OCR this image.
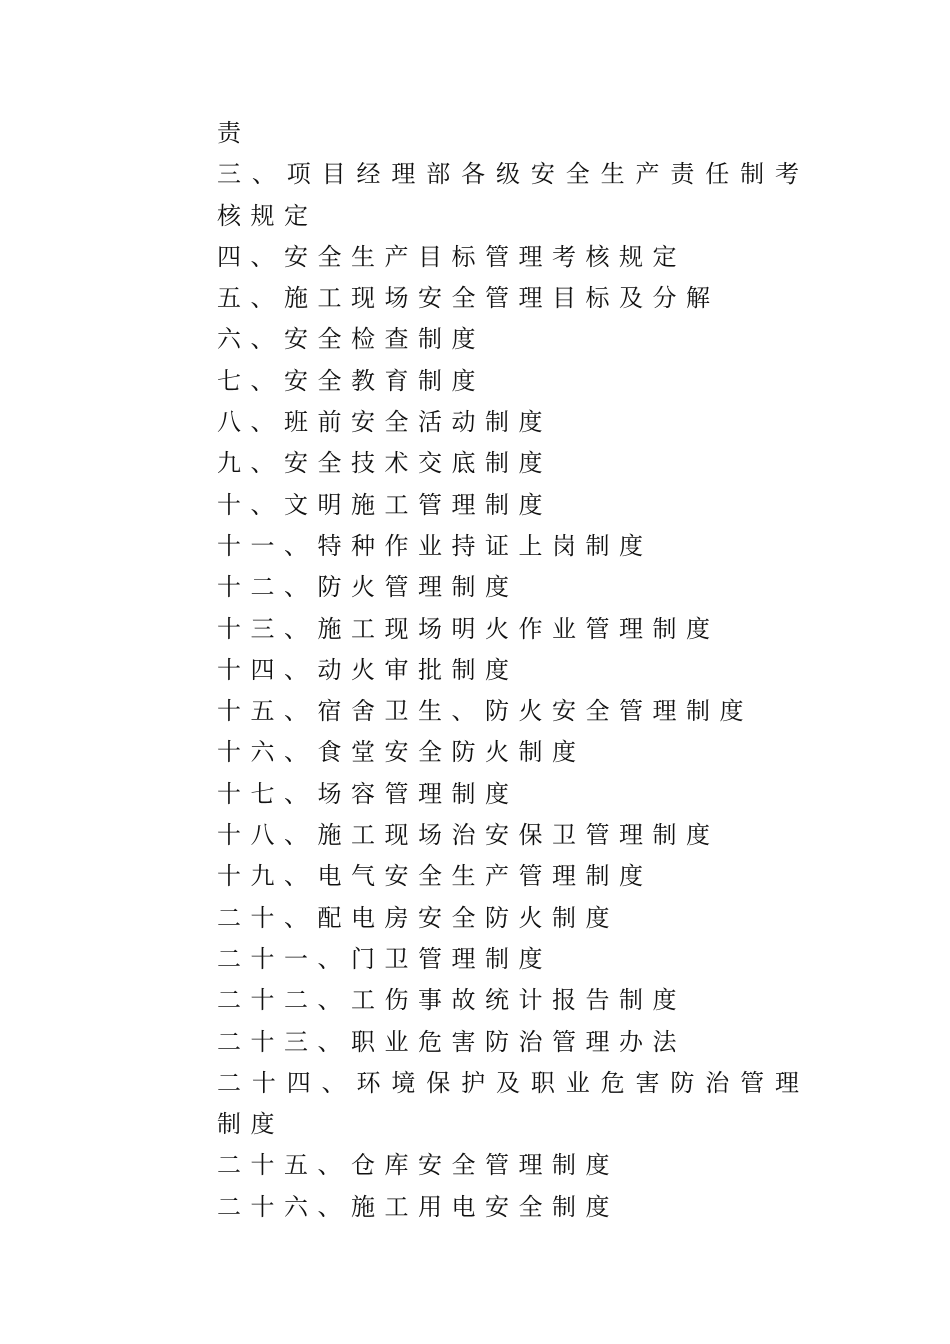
责
三、项目经理部各级安全生产责任制考
核规定
四、安全生产目标管理考核规定
五、施工现场安全管理目标及分解
六、安全检查制度
七、安全教育制度
八、班前安全活动制度
九、安全技术交底制度
十、文明施工管理制度
十一、特种作业持证上岗制度
十二、防火管理制度
十三、施工现场明火作业管理制度
十四、动火审批制度
十五、宿舍卫生、防火安全管理制度
十六、食堂安全防火制度
十七、场容管理制度
十八、施工现场治安保卫管理制度
十九、电气安全生产管理制度
二十、配电房安全防火制度
二十一、门卫管理制度
二十二、工伤事故统计报告制度
二十三、职业危害防治管理办法
二十四、环境保护及职业危害防治管理
制度
二十五、仓库安全管理制度
二十六、施工用电安全制度
